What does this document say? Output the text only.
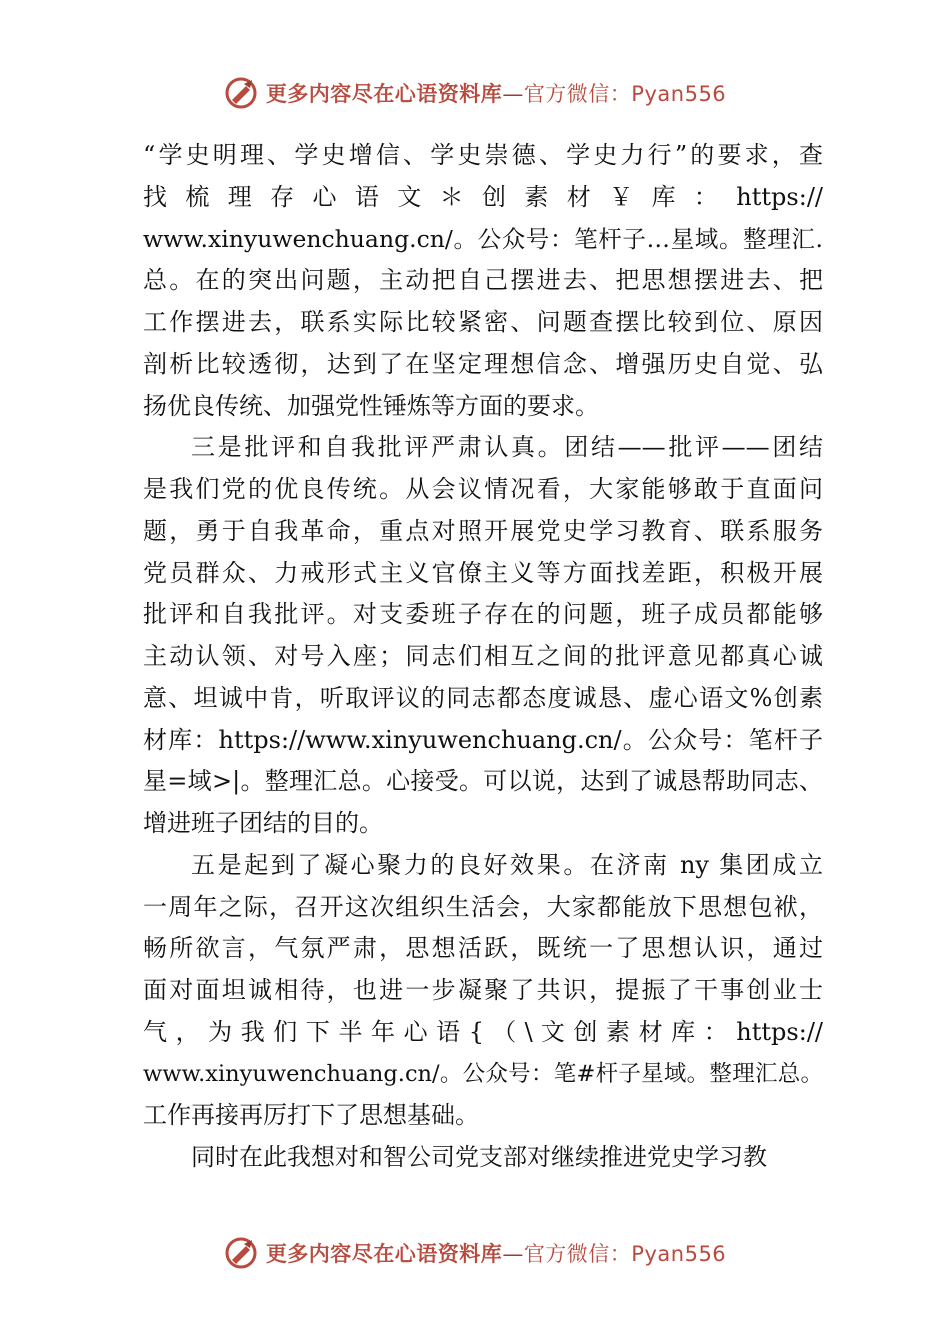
更多内容尽在心语资料库—官方微信：Pyan556
“学史明理、学史增信、学史崇德、学史力行”的要求，查
找 梳 理 存 心 语 文 ＊ 创 素 材 ￥ 库 ： https://
www.xinyuwenchuang.cn/。公众号：笔杆子…星域。整理汇.
总。在的突出问题，主动把自己摆进去、把思想摆进去、把
工作摆进去，联系实际比较紧密、问题查摆比较到位、原因
剖析比较透彻，达到了在坚定理想信念、增强历史自觉、弘
扬优良传统、加强党性锤炼等方面的要求。
三是批评和自我批评严肃认真。团结——批评——团结
是我们党的优良传统。从会议情况看，大家能够敢于直面问
题，勇于自我革命，重点对照开展党史学习教育、联系服务
党员群众、力戒形式主义官僚主义等方面找差距，积极开展
批评和自我批评。对支委班子存在的问题，班子成员都能够
主动认领、对号入座；同志们相互之间的批评意见都真心诚
意、坦诚中肯，听取评议的同志都态度诚恳、虚心语文%创素
材库：https://www.xinyuwenchuang.cn/。公众号：笔杆子
星=域>|。整理汇总。心接受。可以说，达到了诚恳帮助同志、
增进班子团结的目的。
五是起到了凝心聚力的良好效果。在济南 ny 集团成立
一周年之际，召开这次组织生活会，大家都能放下思想包袱，
畅所欲言，气氛严肃，思想活跃，既统一了思想认识，通过
面对面坦诚相待，也进一步凝聚了共识，提振了干事创业士
气 ， 为 我 们 下 半 年 心 语 { （ \ 文 创 素 材 库 ： https://
www.xinyuwenchuang.cn/。公众号：笔#杆子星域。整理汇总。
工作再接再厉打下了思想基础。
同时在此我想对和智公司党支部对继续推进党史学习教
更多内容尽在心语资料库—官方微信：Pyan556
